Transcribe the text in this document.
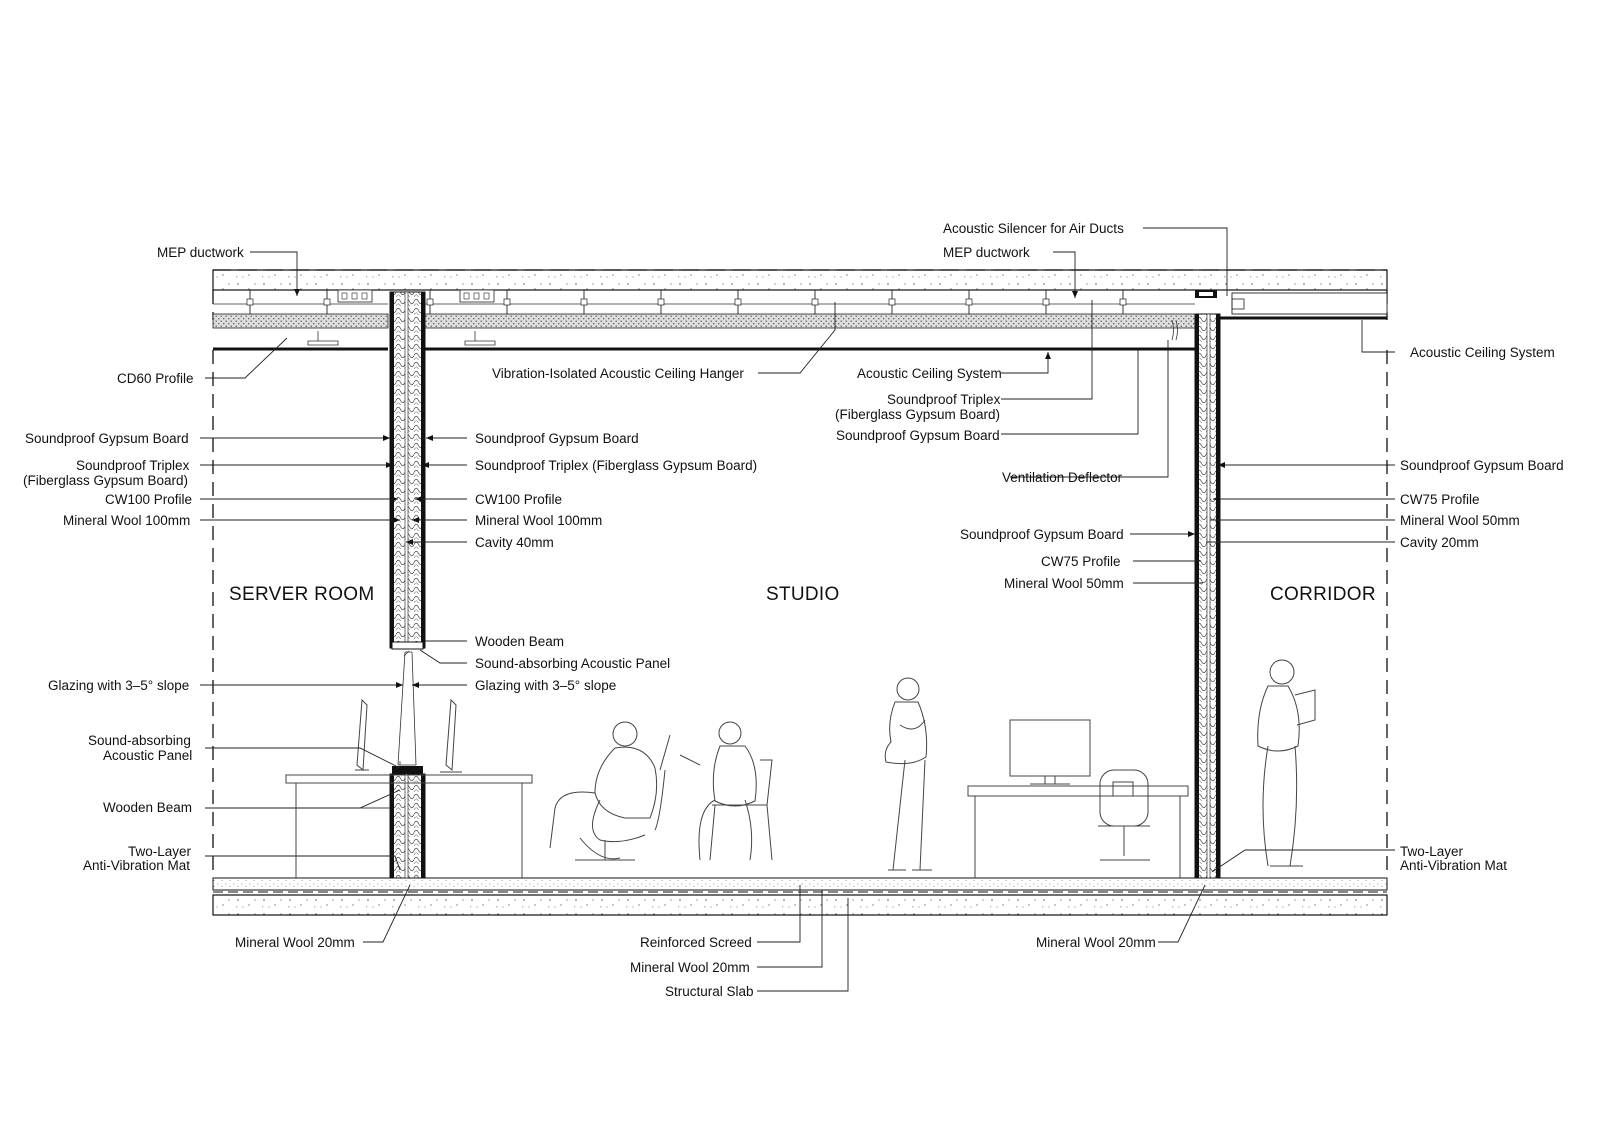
SERVER ROOM	STUDIO	CORRIDOR
MEP ductwork
Acoustic Silencer for Air Ducts
MEP ductwork
Acoustic Ceiling System
CD60 Profile	Vibration-Isolated Acoustic Ceiling Hanger	Acoustic Ceiling System
Soundproof Triplex
(Fiberglass Gypsum Board)
Soundproof Gypsum Board
Ventilation Deflector
Soundproof Gypsum Board
Soundproof Triplex
(Fiberglass Gypsum Board)
CW100 Profile
Mineral Wool 100mm
Soundproof Gypsum Board
Soundproof Triplex (Fiberglass Gypsum Board)
CW100 Profile
Mineral Wool 100mm
Cavity 40mm
Wooden Beam
Sound-absorbing Acoustic Panel
Glazing with 3–5° slope
Glazing with 3–5° slope
Sound-absorbing
Acoustic Panel
Wooden Beam
Two-Layer
Anti-Vibration Mat
Soundproof Gypsum Board
CW75 Profile
Mineral Wool 50mm
Soundproof Gypsum Board
CW75 Profile
Mineral Wool 50mm
Cavity 20mm
Two-Layer
Anti-Vibration Mat
Mineral Wool 20mm	Reinforced Screed
Mineral Wool 20mm
Structural Slab
Mineral Wool 20mm
